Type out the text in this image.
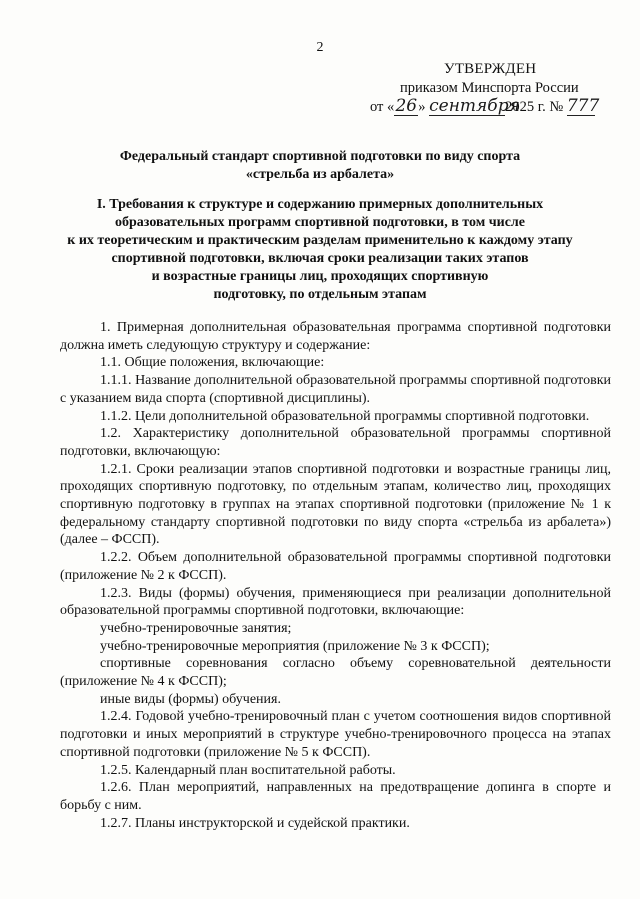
2
УТВЕРЖДЕН
приказом Минспорта России
от «26» сентября2025 г. № 777
Федеральный стандарт спортивной подготовки по виду спорта
«стрельба из арбалета»
I. Требования к структуре и содержанию примерных дополнительных
образовательных программ спортивной подготовки, в том числе
к их теоретическим и практическим разделам применительно к каждому этапу
спортивной подготовки, включая сроки реализации таких этапов
и возрастные границы лиц, проходящих спортивную
подготовку, по отдельным этапам

1. Примерная дополнительная образовательная программа спортивной подготовки должна иметь следующую структуру и содержание:

1.1. Общие положения, включающие:

1.1.1. Название дополнительной образовательной программы спортивной подготовки с указанием вида спорта (спортивной дисциплины).

1.1.2. Цели дополнительной образовательной программы спортивной подготовки.

1.2. Характеристику дополнительной образовательной программы спортивной подготовки, включающую:

1.2.1. Сроки реализации этапов спортивной подготовки и возрастные границы лиц, проходящих спортивную подготовку, по отдельным этапам, количество лиц, проходящих спортивную подготовку в группах на этапах спортивной подготовки (приложение № 1 к федеральному стандарту спортивной подготовки по виду спорта «стрельба из арбалета») (далее – ФССП).

1.2.2. Объем дополнительной образовательной программы спортивной подготовки (приложение № 2 к ФССП).

1.2.3. Виды (формы) обучения, применяющиеся при реализации дополнительной образовательной программы спортивной подготовки, включающие:

учебно-тренировочные занятия;

учебно-тренировочные мероприятия (приложение № 3 к ФССП);

спортивные соревнования согласно объему соревновательной деятельности (приложение № 4 к ФССП);

иные виды (формы) обучения.

1.2.4. Годовой учебно-тренировочный план с учетом соотношения видов спортивной подготовки и иных мероприятий в структуре учебно-тренировочного процесса на этапах спортивной подготовки (приложение № 5 к ФССП).

1.2.5. Календарный план воспитательной работы.

1.2.6. План мероприятий, направленных на предотвращение допинга в спорте и борьбу с ним.

1.2.7. Планы инструкторской и судейской практики.
